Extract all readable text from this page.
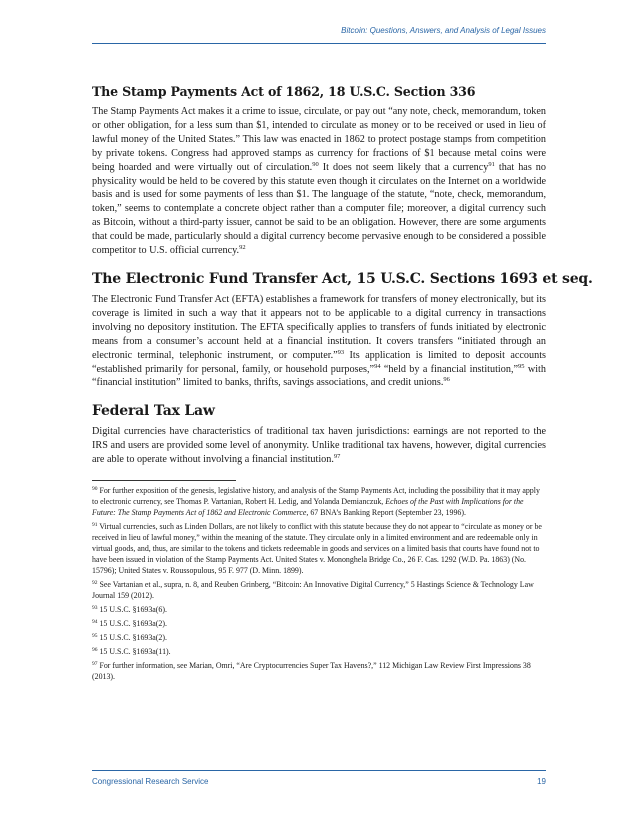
Bitcoin: Questions, Answers, and Analysis of Legal Issues
The Stamp Payments Act of 1862, 18 U.S.C. Section 336

The Stamp Payments Act makes it a crime to issue, circulate, or pay out “any note, check, memorandum, token or other obligation, for a less sum than $1, intended to circulate as money or to be received or used in lieu of lawful money of the United States.” This law was enacted in 1862 to protect postage stamps from competition by private tokens. Congress had approved stamps as currency for fractions of $1 because metal coins were being hoarded and were virtually out of circulation.$^{90}$ It does not seem likely that a currency$^{91}$ that has no physicality would be held to be covered by this statute even though it circulates on the Internet on a worldwide basis and is used for some payments of less than $1. The language of the statute, “note, check, memorandum, token,” seems to contemplate a concrete object rather than a computer file; moreover, a digital currency such as Bitcoin, without a third-party issuer, cannot be said to be an obligation. However, there are some arguments that could be made, particularly should a digital currency become pervasive enough to be considered a possible competitor to U.S. official currency.$^{92}$

The Electronic Fund Transfer Act, 15 U.S.C. Sections 1693 et seq.

The Electronic Fund Transfer Act (EFTA) establishes a framework for transfers of money electronically, but its coverage is limited in such a way that it appears not to be applicable to a digital currency in transactions involving no depository institution. The EFTA specifically applies to transfers of funds initiated by electronic means from a consumer’s account held at a financial institution. It covers transfers “initiated through an electronic terminal, telephonic instrument, or computer.”$^{93}$ Its application is limited to deposit accounts “established primarily for personal, family, or household purposes,”$^{94}$ “held by a financial institution,”$^{95}$ with “financial institution” limited to banks, thrifts, savings associations, and credit unions.$^{96}$

Federal Tax Law

Digital currencies have characteristics of traditional tax haven jurisdictions: earnings are not reported to the IRS and users are provided some level of anonymity. Unlike traditional tax havens, however, digital currencies are able to operate without involving a financial institution.$^{97}$

$^{90}$ For further exposition of the genesis, legislative history, and analysis of the Stamp Payments Act, including the possibility that it may apply to electronic currency, see Thomas P. Vartanian, Robert H. Ledig, and Yolanda Demianczuk, Echoes of the Past with Implications for the Future: The Stamp Payments Act of 1862 and Electronic Commerce, 67 BNA’s Banking Report (September 23, 1996).

$^{91}$ Virtual currencies, such as Linden Dollars, are not likely to conflict with this statute because they do not appear to “circulate as money or be received in lieu of lawful money,” within the meaning of the statute. They circulate only in a limited environment and are redeemable only in virtual goods, and, thus, are similar to the tokens and tickets redeemable in goods and services on a limited basis that courts have found not to have been issued in violation of the Stamp Payments Act. United States v. Mononghela Bridge Co., 26 F. Cas. 1292 (W.D. Pa. 1863) (No. 15796); United States v. Roussopulous, 95 F. 977 (D. Minn. 1899).

$^{92}$ See Vartanian et al., supra, n. 8, and Reuben Grinberg, “Bitcoin: An Innovative Digital Currency,” 5 Hastings Science & Technology Law Journal 159 (2012).

$^{93}$ 15 U.S.C. §1693a(6).

$^{94}$ 15 U.S.C. §1693a(2).

$^{95}$ 15 U.S.C. §1693a(2).

$^{96}$ 15 U.S.C. §1693a(11).

$^{97}$ For further information, see Marian, Omri, “Are Cryptocurrencies Super Tax Havens?,” 112 Michigan Law Review First Impressions 38 (2013).

Congressional Research Service	19
